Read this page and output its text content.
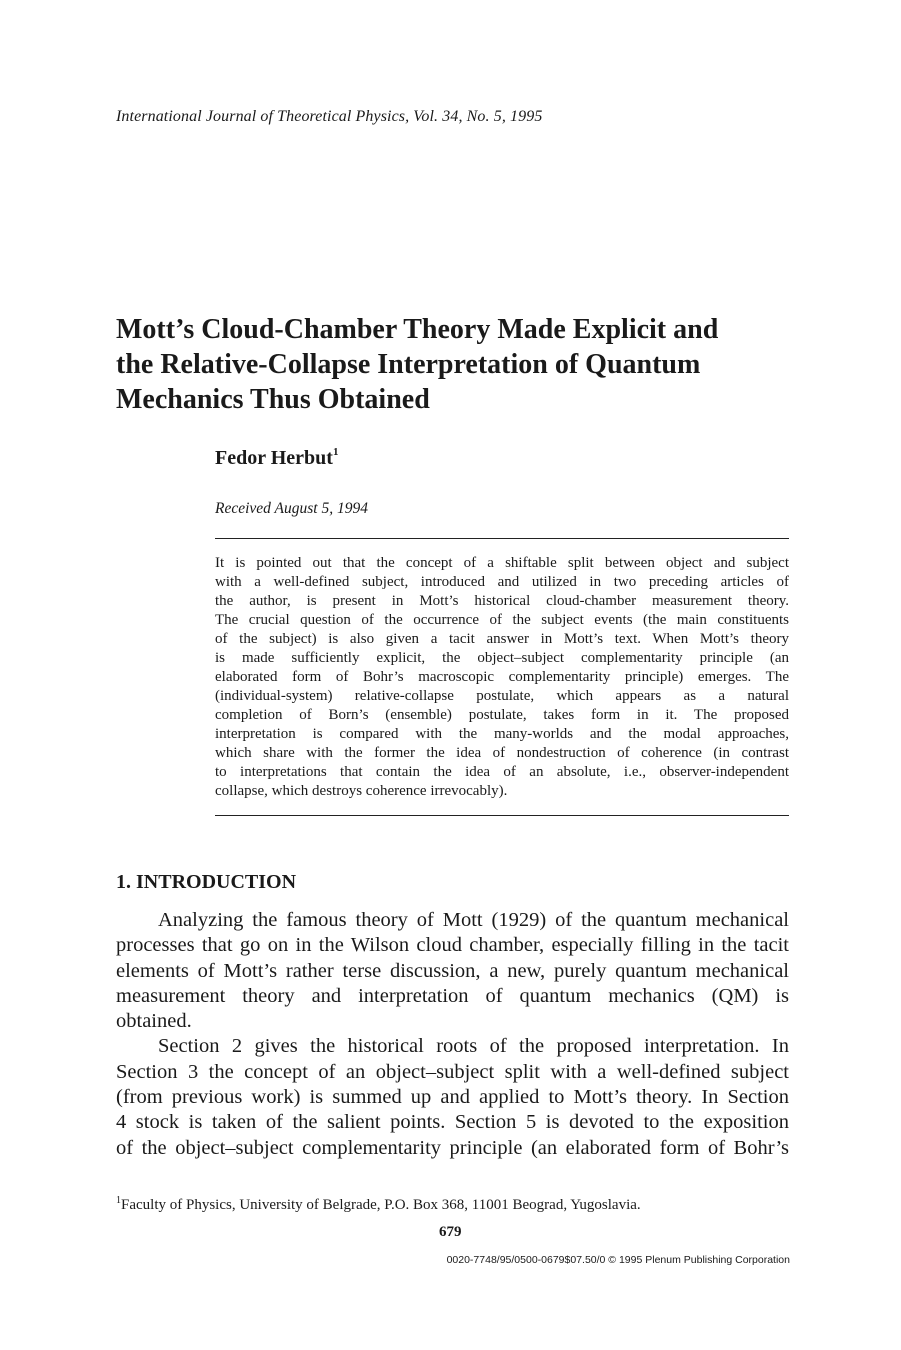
International Journal of Theoretical Physics, Vol. 34, No. 5, 1995
Mott’s Cloud-Chamber Theory Made Explicit and
the Relative-Collapse Interpretation of Quantum
Mechanics Thus Obtained
Fedor Herbut$^1$
Received August 5, 1994
It is pointed out that the concept of a shiftable split between object and subject
with a well-defined subject, introduced and utilized in two preceding articles of
the author, is present in Mott’s historical cloud-chamber measurement theory.
The crucial question of the occurrence of the subject events (the main constituents
of the subject) is also given a tacit answer in Mott’s text. When Mott’s theory
is made sufficiently explicit, the object–subject complementarity principle (an
elaborated form of Bohr’s macroscopic complementarity principle) emerges. The
(individual-system) relative-collapse postulate, which appears as a natural
completion of Born’s (ensemble) postulate, takes form in it. The proposed
interpretation is compared with the many-worlds and the modal approaches,
which share with the former the idea of nondestruction of coherence (in contrast
to interpretations that contain the idea of an absolute, i.e., observer-independent
collapse, which destroys coherence irrevocably).
1. INTRODUCTION
Analyzing the famous theory of Mott (1929) of the quantum mechanical
processes that go on in the Wilson cloud chamber, especially filling in the tacit
elements of Mott’s rather terse discussion, a new, purely quantum mechanical
measurement theory and interpretation of quantum mechanics (QM) is
obtained.
Section 2 gives the historical roots of the proposed interpretation. In
Section 3 the concept of an object–subject split with a well-defined subject
(from previous work) is summed up and applied to Mott’s theory. In Section
4 stock is taken of the salient points. Section 5 is devoted to the exposition
of the object–subject complementarity principle (an elaborated form of Bohr’s
$^1$Faculty of Physics, University of Belgrade, P.O. Box 368, 11001 Beograd, Yugoslavia.
679
0020-7748/95/0500-0679$07.50/0 © 1995 Plenum Publishing Corporation
